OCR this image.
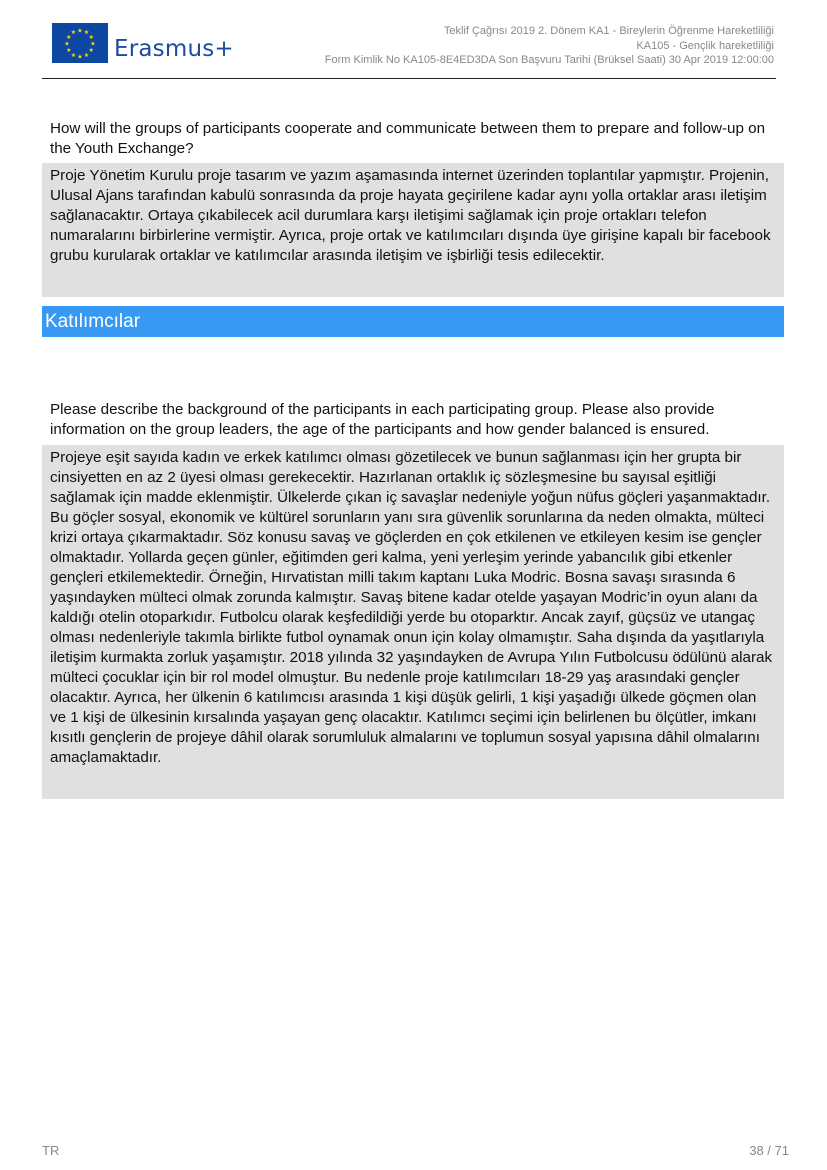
★ ★
★
★
★
★
★
★
★
★
★
★
Erasmus+
Teklif Çağrısı 2019 2. Dönem KA1 - Bireylerin Öğrenme Hareketliliği
KA105 - Gençlik hareketliliği
Form Kimlik No KA105-8E4ED3DA Son Başvuru Tarihi (Brüksel Saati) 30 Apr 2019 12:00:00
How will the groups of participants cooperate and communicate between them to prepare and follow-up on the Youth Exchange?
Proje Yönetim Kurulu proje tasarım ve yazım aşamasında internet üzerinden toplantılar yapmıştır. Projenin, Ulusal Ajans tarafından kabulü sonrasında da proje hayata geçirilene kadar aynı yolla ortaklar arası iletişim sağlanacaktır. Ortaya çıkabilecek acil durumlara karşı iletişimi sağlamak için proje ortakları telefon numaralarını birbirlerine vermiştir. Ayrıca, proje ortak ve katılımcıları dışında üye girişine kapalı bir facebook grubu kurularak ortaklar ve katılımcılar arasında iletişim ve işbirliği tesis edilecektir.
Katılımcılar
Please describe the background of the participants in each participating group. Please also provide information on the group leaders, the age of the participants and how gender balanced is ensured.
Projeye eşit sayıda kadın ve erkek katılımcı olması gözetilecek ve bunun sağlanması için her grupta bir cinsiyetten en az 2 üyesi olması gerekecektir. Hazırlanan ortaklık iç sözleşmesine bu sayısal eşitliği sağlamak için madde eklenmiştir. Ülkelerde çıkan iç savaşlar nedeniyle yoğun nüfus göçleri yaşanmaktadır. Bu göçler sosyal, ekonomik ve kültürel sorunların yanı sıra güvenlik sorunlarına da neden olmakta, mülteci krizi ortaya çıkarmaktadır. Söz konusu savaş ve göçlerden en çok etkilenen ve etkileyen kesim ise gençler olmaktadır. Yollarda geçen günler, eğitimden geri kalma, yeni yerleşim yerinde yabancılık gibi etkenler gençleri etkilemektedir. Örneğin, Hırvatistan milli takım kaptanı Luka Modric. Bosna savaşı sırasında 6 yaşındayken mülteci olmak zorunda kalmıştır. Savaş bitene kadar otelde yaşayan Modric’in oyun alanı da kaldığı otelin otoparkıdır. Futbolcu olarak keşfedildiği yerde bu otoparktır. Ancak zayıf, güçsüz ve utangaç olması nedenleriyle takımla birlikte futbol oynamak onun için kolay olmamıştır. Saha dışında da yaşıtlarıyla iletişim kurmakta zorluk yaşamıştır. 2018 yılında 32 yaşındayken de Avrupa Yılın Futbolcusu ödülünü alarak mülteci çocuklar için bir rol model olmuştur. Bu nedenle proje katılımcıları 18-29 yaş arasındaki gençler olacaktır. Ayrıca, her ülkenin 6 katılımcısı arasında 1 kişi düşük gelirli, 1 kişi yaşadığı ülkede göçmen olan ve 1 kişi de ülkesinin kırsalında yaşayan genç olacaktır. Katılımcı seçimi için belirlenen bu ölçütler, imkanı kısıtlı gençlerin de projeye dâhil olarak sorumluluk almalarını ve toplumun sosyal yapısına dâhil olmalarını amaçlamaktadır.
TR	38 / 71
